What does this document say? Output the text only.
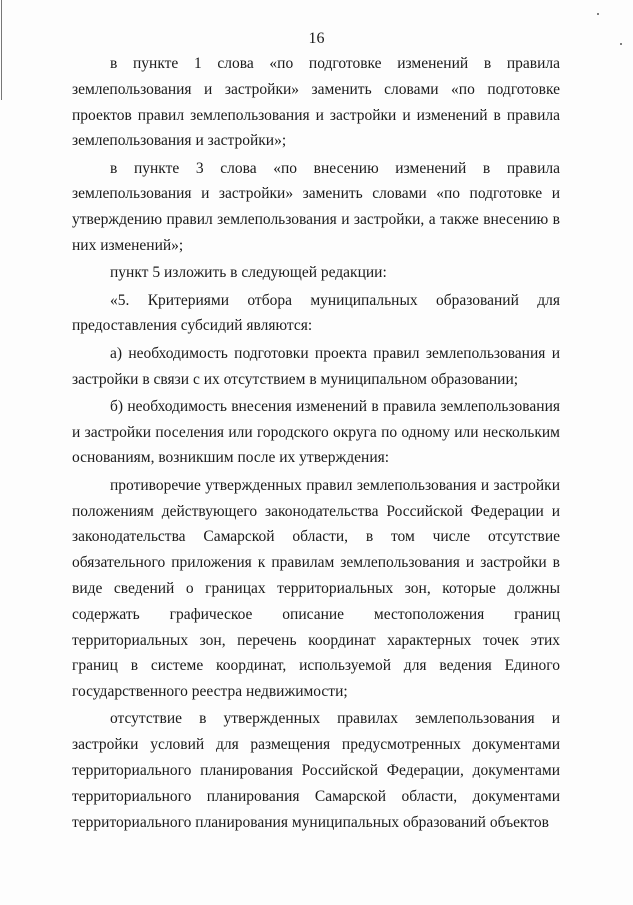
16

в пункте 1 слова «по подготовке изменений в правила землепользования и застройки» заменить словами «по подготовке проектов правил землепользования и застройки и изменений в правила землепользования и застройки»;

в пункте 3 слова «по внесению изменений в правила землепользования и застройки» заменить словами «по подготовке и утверждению правил землепользования и застройки, а также внесению в них изменений»;

пункт 5 изложить в следующей редакции:

«5. Критериями отбора муниципальных образований для предоставления субсидий являются:

а) необходимость подготовки проекта правил землепользования и застройки в связи с их отсутствием в муниципальном образовании;

б) необходимость внесения изменений в правила землепользования и застройки поселения или городского округа по одному или нескольким основаниям, возникшим после их утверждения:

противоречие утвержденных правил землепользования и застройки положениям действующего законодательства Российской Федерации и законодательства Самарской области, в том числе отсутствие обязательного приложения к правилам землепользования и застройки в виде сведений о границах территориальных зон, которые должны содержать графическое описание местоположения границ территориальных зон, перечень координат характерных точек этих границ в системе координат, используемой для ведения Единого государственного реестра недвижимости;

отсутствие в утвержденных правилах землепользования и застройки условий для размещения предусмотренных документами территориального планирования Российской Федерации, документами территориального планирования Самарской области, документами территориального планирования муниципальных образований объектов
